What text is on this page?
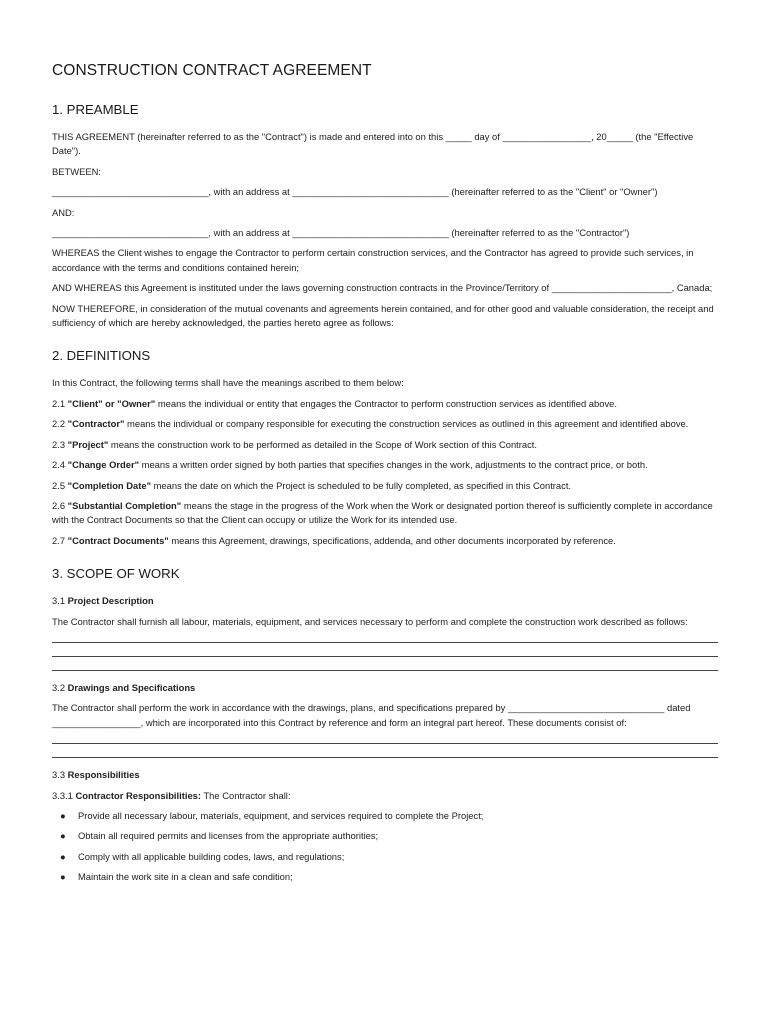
CONSTRUCTION CONTRACT AGREEMENT
1. PREAMBLE

THIS AGREEMENT (hereinafter referred to as the "Contract") is made and entered into on this _____ day of _________________, 20_____ (the "Effective Date").

BETWEEN:

______________________________, with an address at ______________________________ (hereinafter referred to as the "Client" or "Owner")

AND:

______________________________, with an address at ______________________________ (hereinafter referred to as the "Contractor")

WHEREAS the Client wishes to engage the Contractor to perform certain construction services, and the Contractor has agreed to provide such services, in accordance with the terms and conditions contained herein;

AND WHEREAS this Agreement is instituted under the laws governing construction contracts in the Province/Territory of _______________________, Canada;

NOW THEREFORE, in consideration of the mutual covenants and agreements herein contained, and for other good and valuable consideration, the receipt and sufficiency of which are hereby acknowledged, the parties hereto agree as follows:

2. DEFINITIONS

In this Contract, the following terms shall have the meanings ascribed to them below:

2.1 "Client" or "Owner" means the individual or entity that engages the Contractor to perform construction services as identified above.

2.2 "Contractor" means the individual or company responsible for executing the construction services as outlined in this agreement and identified above.

2.3 "Project" means the construction work to be performed as detailed in the Scope of Work section of this Contract.

2.4 "Change Order" means a written order signed by both parties that specifies changes in the work, adjustments to the contract price, or both.

2.5 "Completion Date" means the date on which the Project is scheduled to be fully completed, as specified in this Contract.

2.6 "Substantial Completion" means the stage in the progress of the Work when the Work or designated portion thereof is sufficiently complete in accordance with the Contract Documents so that the Client can occupy or utilize the Work for its intended use.

2.7 "Contract Documents" means this Agreement, drawings, specifications, addenda, and other documents incorporated by reference.

3. SCOPE OF WORK

3.1 Project Description

The Contractor shall furnish all labour, materials, equipment, and services necessary to perform and complete the construction work described as follows:

3.2 Drawings and Specifications

The Contractor shall perform the work in accordance with the drawings, plans, and specifications prepared by ______________________________ dated _________________, which are incorporated into this Contract by reference and form an integral part hereof. These documents consist of:

3.3 Responsibilities

3.3.1 Contractor Responsibilities: The Contractor shall:

● Provide all necessary labour, materials, equipment, and services required to complete the Project;
● Obtain all required permits and licenses from the appropriate authorities;
● Comply with all applicable building codes, laws, and regulations;
● Maintain the work site in a clean and safe condition;
